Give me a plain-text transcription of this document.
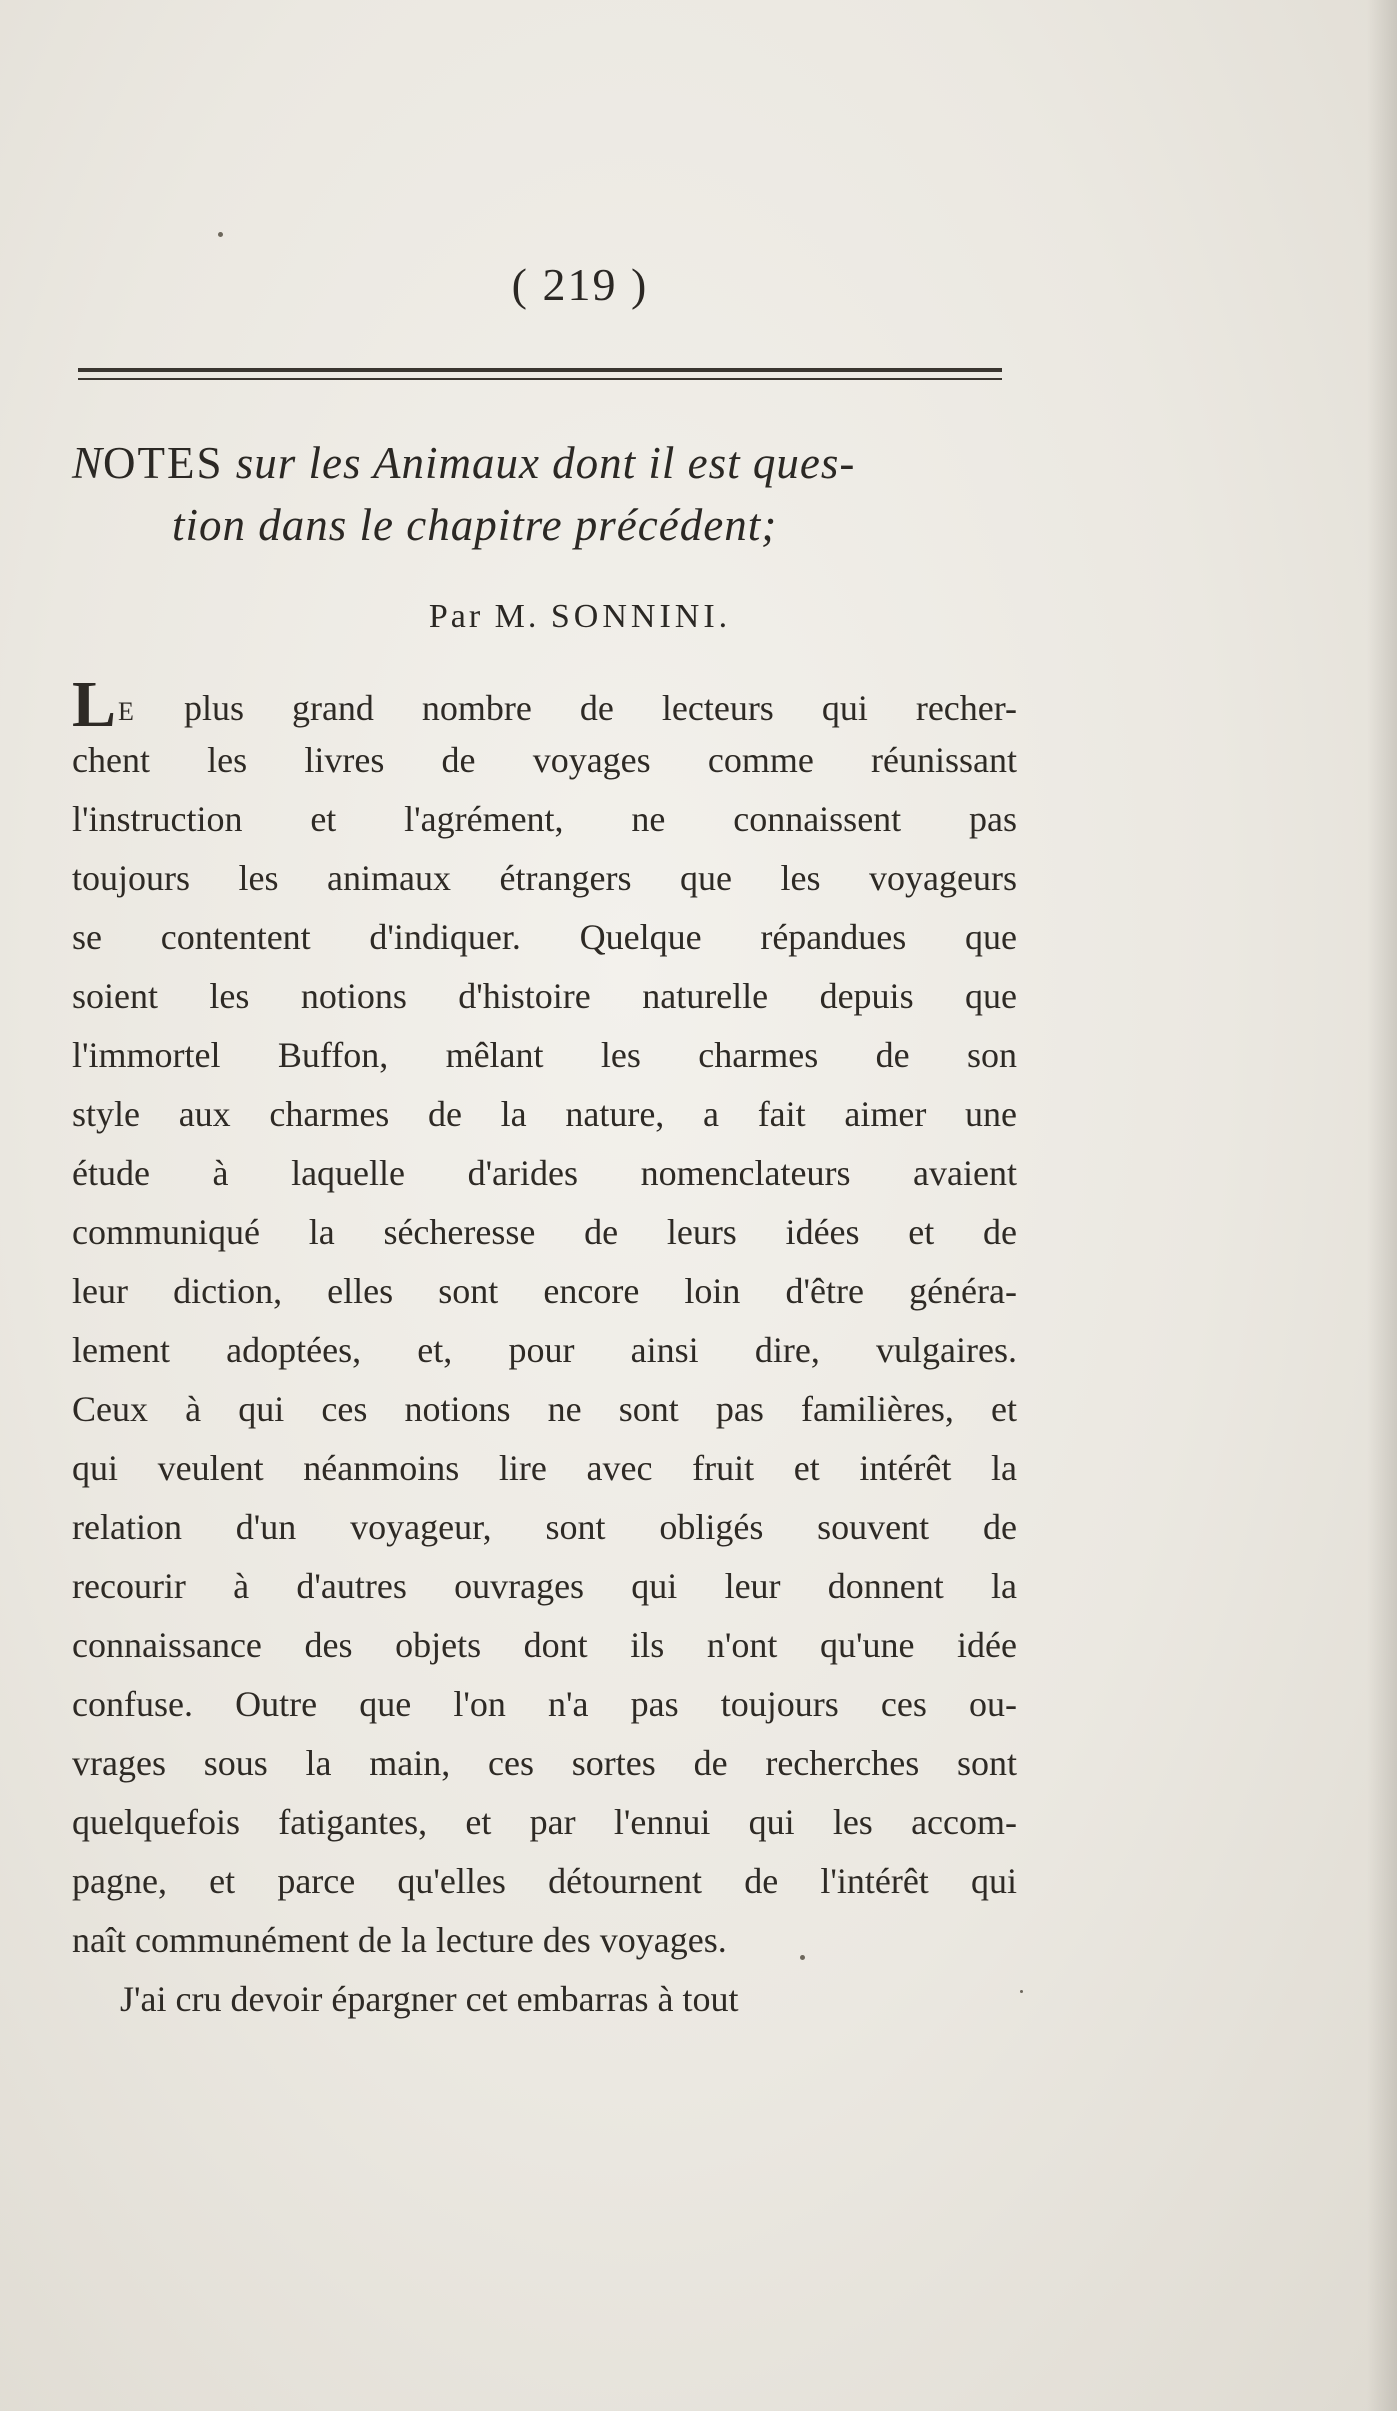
( 219 )
NOTES sur les Animaux dont il est ques-
tion dans le chapitre précédent;
Par M. SONNINI.
LE plus grand nombre de lecteurs qui recher-
chent les livres de voyages comme réunissant
l'instruction et l'agrément, ne connaissent pas
toujours les animaux étrangers que les voyageurs
se contentent d'indiquer. Quelque répandues que
soient les notions d'histoire naturelle depuis que
l'immortel Buffon, mêlant les charmes de son
style aux charmes de la nature, a fait aimer une
étude à laquelle d'arides nomenclateurs avaient
communiqué la sécheresse de leurs idées et de
leur diction, elles sont encore loin d'être généra-
lement adoptées, et, pour ainsi dire, vulgaires.
Ceux à qui ces notions ne sont pas familières, et
qui veulent néanmoins lire avec fruit et intérêt la
relation d'un voyageur, sont obligés souvent de
recourir à d'autres ouvrages qui leur donnent la
connaissance des objets dont ils n'ont qu'une idée
confuse. Outre que l'on n'a pas toujours ces ou-
vrages sous la main, ces sortes de recherches sont
quelquefois fatigantes, et par l'ennui qui les accom-
pagne, et parce qu'elles détournent de l'intérêt qui
naît communément de la lecture des voyages.
J'ai cru devoir épargner cet embarras à tout
